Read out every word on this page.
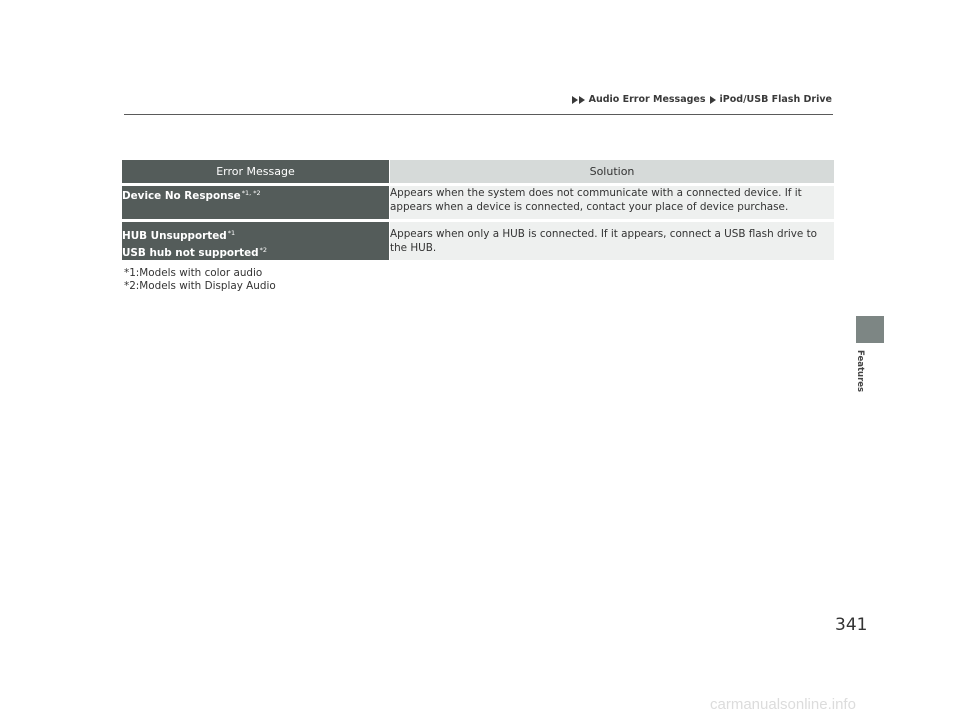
Audio Error Messages iPod/USB Flash Drive
Error Message	Solution
Device No Response$^{*1, *2}$	Appears when the system does not communicate with a connected device. If it appears when a device is connected, contact your place of device purchase.

HUB Unsupported$^{*1}$
USB hub not supported$^{*2}$	Appears when only a HUB is connected. If it appears, connect a USB flash drive to the HUB.
*1:Models with color audio
*2:Models with Display Audio
Features
341
carmanualsonline.info
